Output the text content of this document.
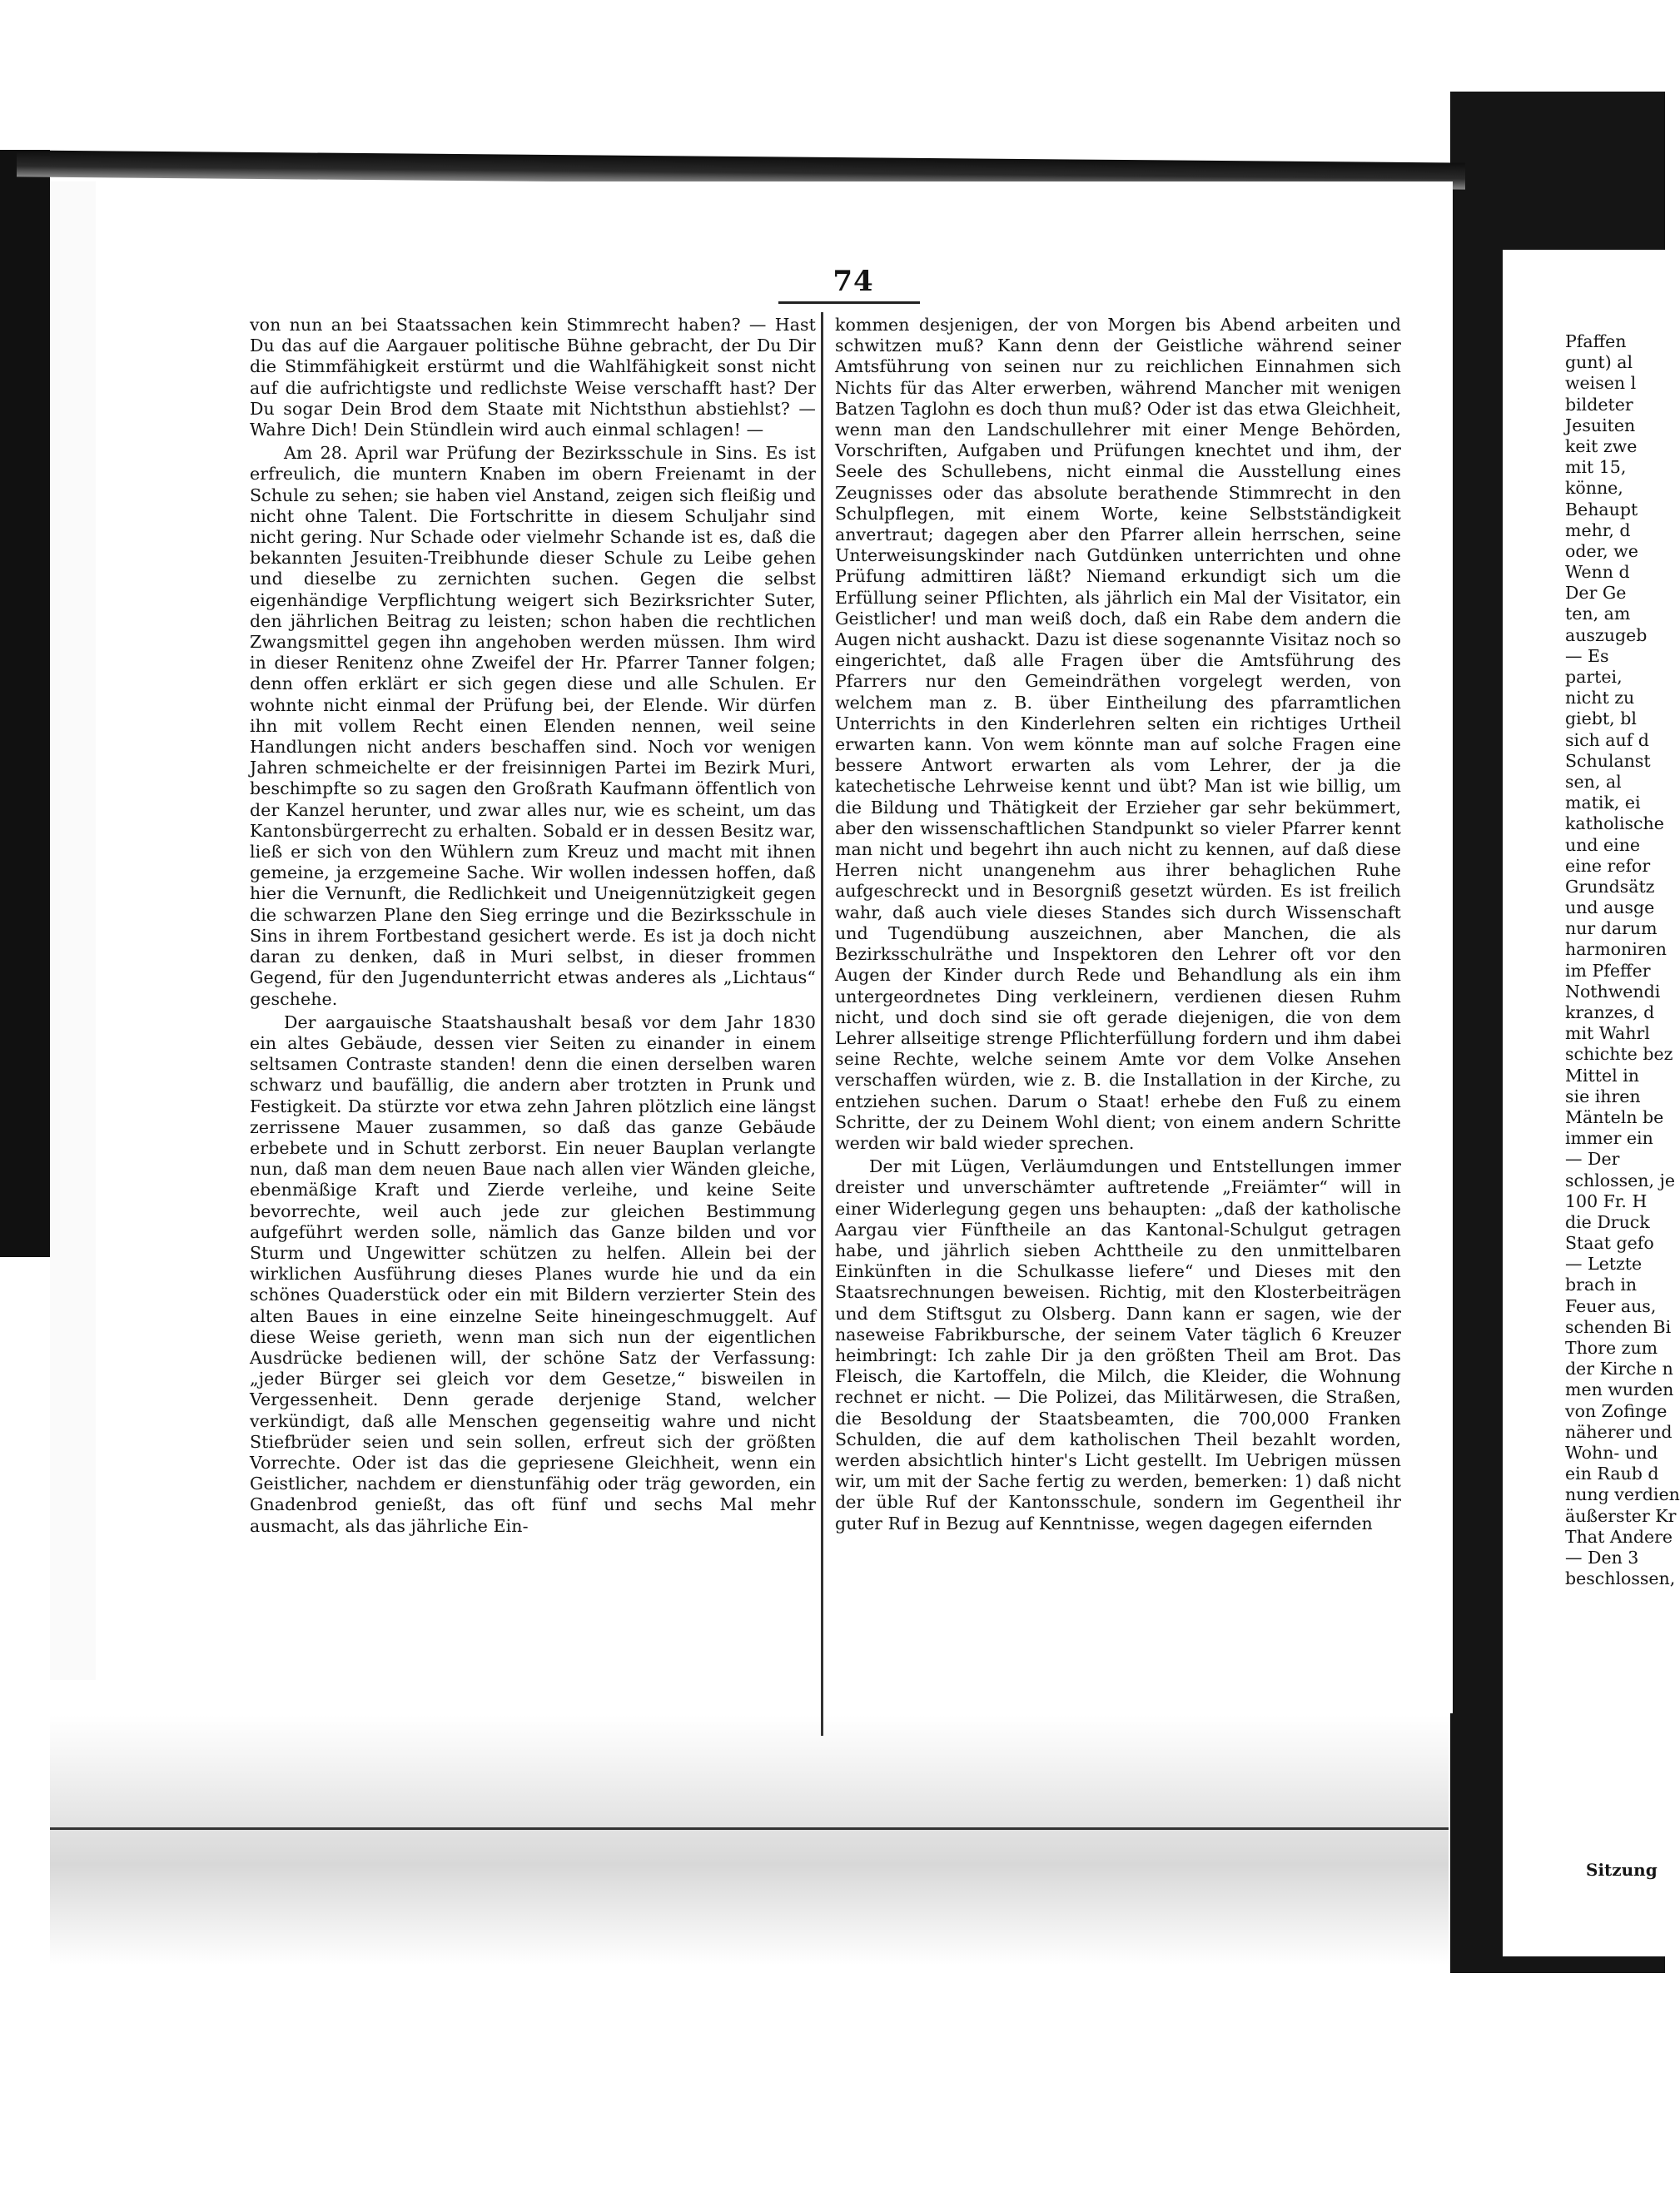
74

von nun an bei Staatssachen kein Stimmrecht haben? — Hast Du das auf die Aargauer politische Bühne gebracht, der Du Dir die Stimmfähigkeit erstürmt und die Wahlfähigkeit sonst nicht auf die aufrichtigste und redlichste Weise verschafft hast? Der Du sogar Dein Brod dem Staate mit Nichtsthun abstiehlst? — Wahre Dich! Dein Stündlein wird auch einmal schlagen! —

Am 28. April war Prüfung der Bezirksschule in Sins. Es ist erfreulich, die muntern Knaben im obern Freienamt in der Schule zu sehen; sie haben viel Anstand, zeigen sich fleißig und nicht ohne Talent. Die Fortschritte in diesem Schuljahr sind nicht gering. Nur Schade oder vielmehr Schande ist es, daß die bekannten Jesuiten-Treibhunde dieser Schule zu Leibe gehen und dieselbe zu zernichten suchen. Gegen die selbst eigenhändige Verpflichtung weigert sich Bezirksrichter Suter, den jährlichen Beitrag zu leisten; schon haben die rechtlichen Zwangsmittel gegen ihn angehoben werden müssen. Ihm wird in dieser Renitenz ohne Zweifel der Hr. Pfarrer Tanner folgen; denn offen erklärt er sich gegen diese und alle Schulen. Er wohnte nicht einmal der Prüfung bei, der Elende. Wir dürfen ihn mit vollem Recht einen Elenden nennen, weil seine Handlungen nicht anders beschaffen sind. Noch vor wenigen Jahren schmeichelte er der freisinnigen Partei im Bezirk Muri, beschimpfte so zu sagen den Großrath Kaufmann öffentlich von der Kanzel herunter, und zwar alles nur, wie es scheint, um das Kantonsbürgerrecht zu erhalten. Sobald er in dessen Besitz war, ließ er sich von den Wühlern zum Kreuz und macht mit ihnen gemeine, ja erzgemeine Sache. Wir wollen indessen hoffen, daß hier die Vernunft, die Redlichkeit und Uneigennützigkeit gegen die schwarzen Plane den Sieg erringe und die Bezirksschule in Sins in ihrem Fortbestand gesichert werde. Es ist ja doch nicht daran zu denken, daß in Muri selbst, in dieser frommen Gegend, für den Jugendunterricht etwas anderes als „Lichtaus“ geschehe.

Der aargauische Staatshaushalt besaß vor dem Jahr 1830 ein altes Gebäude, dessen vier Seiten zu einander in einem seltsamen Contraste standen! denn die einen derselben waren schwarz und baufällig, die andern aber trotzten in Prunk und Festigkeit. Da stürzte vor etwa zehn Jahren plötzlich eine längst zerrissene Mauer zusammen, so daß das ganze Gebäude erbebete und in Schutt zerborst. Ein neuer Bauplan verlangte nun, daß man dem neuen Baue nach allen vier Wänden gleiche, ebenmäßige Kraft und Zierde verleihe, und keine Seite bevorrechte, weil auch jede zur gleichen Bestimmung aufgeführt werden solle, nämlich das Ganze bilden und vor Sturm und Ungewitter schützen zu helfen. Allein bei der wirklichen Ausführung dieses Planes wurde hie und da ein schönes Quaderstück oder ein mit Bildern verzierter Stein des alten Baues in eine einzelne Seite hineingeschmuggelt. Auf diese Weise gerieth, wenn man sich nun der eigentlichen Ausdrücke bedienen will, der schöne Satz der Verfassung: „jeder Bürger sei gleich vor dem Gesetze,“ bisweilen in Vergessenheit. Denn gerade derjenige Stand, welcher verkündigt, daß alle Menschen gegenseitig wahre und nicht Stiefbrüder seien und sein sollen, erfreut sich der größten Vorrechte. Oder ist das die gepriesene Gleichheit, wenn ein Geistlicher, nachdem er dienstunfähig oder träg geworden, ein Gnadenbrod genießt, das oft fünf und sechs Mal mehr ausmacht, als das jährliche Ein-

kommen desjenigen, der von Morgen bis Abend arbeiten und schwitzen muß? Kann denn der Geistliche während seiner Amtsführung von seinen nur zu reichlichen Einnahmen sich Nichts für das Alter erwerben, während Mancher mit wenigen Batzen Taglohn es doch thun muß? Oder ist das etwa Gleichheit, wenn man den Landschullehrer mit einer Menge Behörden, Vorschriften, Aufgaben und Prüfungen knechtet und ihm, der Seele des Schullebens, nicht einmal die Ausstellung eines Zeugnisses oder das absolute berathende Stimmrecht in den Schulpflegen, mit einem Worte, keine Selbstständigkeit anvertraut; dagegen aber den Pfarrer allein herrschen, seine Unterweisungskinder nach Gutdünken unterrichten und ohne Prüfung admittiren läßt? Niemand erkundigt sich um die Erfüllung seiner Pflichten, als jährlich ein Mal der Visitator, ein Geistlicher! und man weiß doch, daß ein Rabe dem andern die Augen nicht aushackt. Dazu ist diese sogenannte Visitaz noch so eingerichtet, daß alle Fragen über die Amtsführung des Pfarrers nur den Gemeindräthen vorgelegt werden, von welchem man z. B. über Eintheilung des pfarramtlichen Unterrichts in den Kinderlehren selten ein richtiges Urtheil erwarten kann. Von wem könnte man auf solche Fragen eine bessere Antwort erwarten als vom Lehrer, der ja die katechetische Lehrweise kennt und übt? Man ist wie billig, um die Bildung und Thätigkeit der Erzieher gar sehr bekümmert, aber den wissenschaftlichen Standpunkt so vieler Pfarrer kennt man nicht und begehrt ihn auch nicht zu kennen, auf daß diese Herren nicht unangenehm aus ihrer behaglichen Ruhe aufgeschreckt und in Besorgniß gesetzt würden. Es ist freilich wahr, daß auch viele dieses Standes sich durch Wissenschaft und Tugendübung auszeichnen, aber Manchen, die als Bezirksschulräthe und Inspektoren den Lehrer oft vor den Augen der Kinder durch Rede und Behandlung als ein ihm untergeordnetes Ding verkleinern, verdienen diesen Ruhm nicht, und doch sind sie oft gerade diejenigen, die von dem Lehrer allseitige strenge Pflichterfüllung fordern und ihm dabei seine Rechte, welche seinem Amte vor dem Volke Ansehen verschaffen würden, wie z. B. die Installation in der Kirche, zu entziehen suchen. Darum o Staat! erhebe den Fuß zu einem Schritte, der zu Deinem Wohl dient; von einem andern Schritte werden wir bald wieder sprechen.

Der mit Lügen, Verläumdungen und Entstellungen immer dreister und unverschämter auftretende „Freiämter“ will in einer Widerlegung gegen uns behaupten: „daß der katholische Aargau vier Fünftheile an das Kantonal-Schulgut getragen habe, und jährlich sieben Achttheile zu den unmittelbaren Einkünften in die Schulkasse liefere“ und Dieses mit den Staatsrechnungen beweisen. Richtig, mit den Klosterbeiträgen und dem Stiftsgut zu Olsberg. Dann kann er sagen, wie der naseweise Fabrikbursche, der seinem Vater täglich 6 Kreuzer heimbringt: Ich zahle Dir ja den größten Theil am Brot. Das Fleisch, die Kartoffeln, die Milch, die Kleider, die Wohnung rechnet er nicht. — Die Polizei, das Militärwesen, die Straßen, die Besoldung der Staatsbeamten, die 700,000 Franken Schulden, die auf dem katholischen Theil bezahlt worden, werden absichtlich hinter's Licht gestellt. Im Uebrigen müssen wir, um mit der Sache fertig zu werden, bemerken: 1) daß nicht der üble Ruf der Kantonsschule, sondern im Gegentheil ihr guter Ruf in Bezug auf Kenntnisse, wegen dagegen eifernden

Pfaffen
gunt) al
weisen l
bildeter
Jesuiten
keit zwe
mit 15,
könne,
Behaupt
mehr, d
oder, we
Wenn d
Der Ge
ten, am
auszugeb
— Es
partei,
nicht zu
giebt, bl
sich auf d
Schulanst
sen, al
matik, ei
katholische
und eine
eine refor
Grundsätz
und ausge
nur darum
harmoniren
im Pfeffer
Nothwendi
kranzes, d
mit Wahrl
schichte bez
Mittel in
sie ihren
Mänteln be
immer ein
— Der
schlossen, je
100 Fr. H
die Druck
Staat gefo
— Letzte
brach in
Feuer aus,
schenden Bi
Thore zum
der Kirche n
men wurden
von Zofinge
näherer und
Wohn- und
ein Raub d
nung verdien
äußerster Kr
That Andere
— Den 3
beschlossen,
Sitzung
